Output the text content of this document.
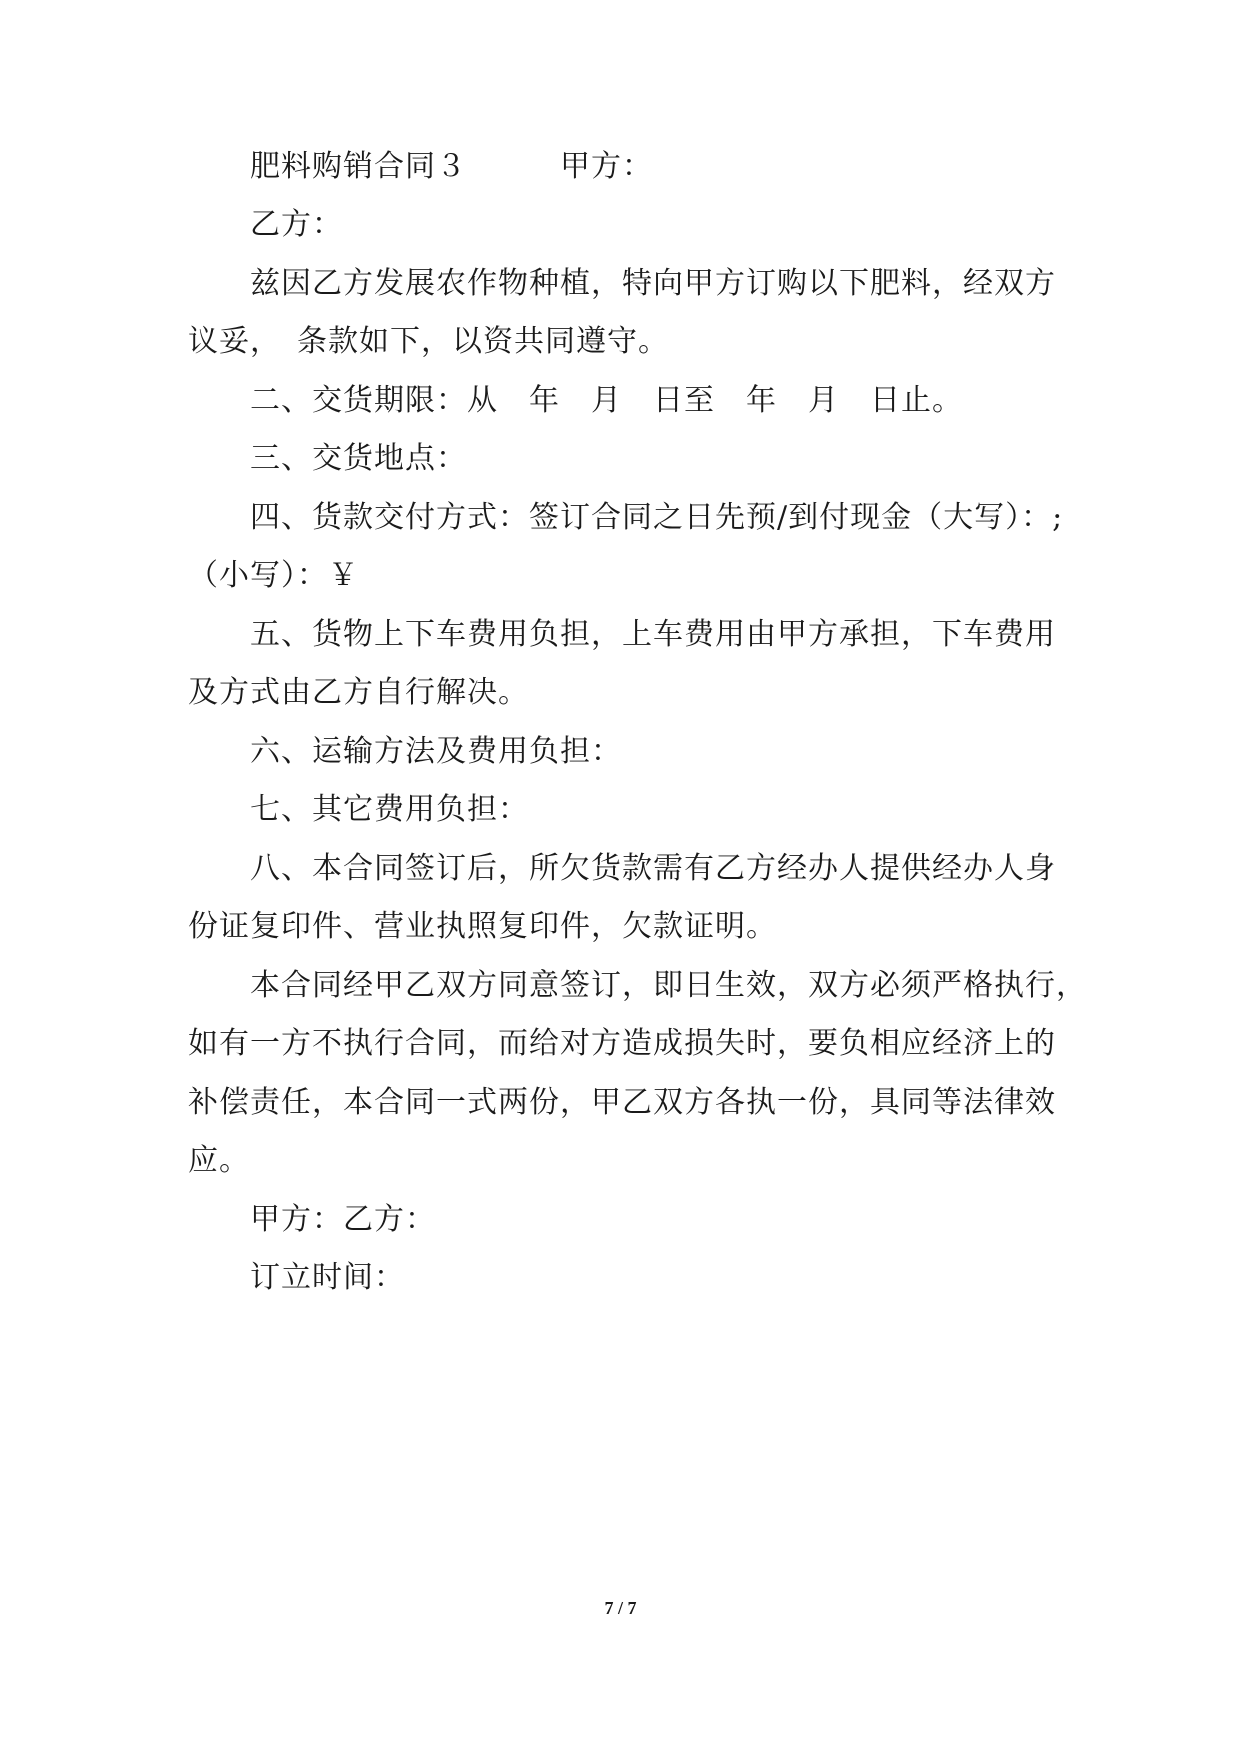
肥料购销合同３　　　甲方：
乙方：
兹因乙方发展农作物种植，特向甲方订购以下肥料，经双方
议妥，　条款如下，以资共同遵守。
二、交货期限：从　年　月　日至　年　月　日止。
三、交货地点：
四、货款交付方式：签订合同之日先预/到付现金（大写）：;
（小写）：￥
五、货物上下车费用负担，上车费用由甲方承担，下车费用
及方式由乙方自行解决。
六、运输方法及费用负担：
七、其它费用负担：
八、本合同签订后，所欠货款需有乙方经办人提供经办人身
份证复印件、营业执照复印件，欠款证明。
本合同经甲乙双方同意签订，即日生效，双方必须严格执行，
如有一方不执行合同，而给对方造成损失时，要负相应经济上的
补偿责任，本合同一式两份，甲乙双方各执一份，具同等法律效
应。
甲方：乙方：
订立时间：
7 / 7
